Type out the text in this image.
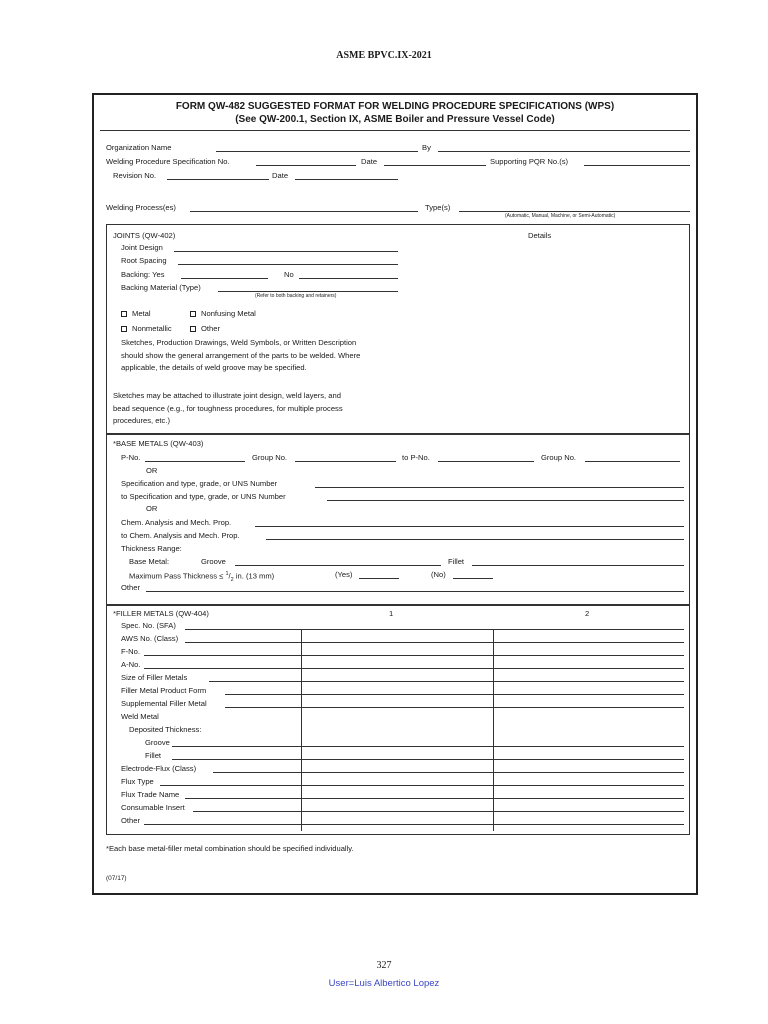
ASME BPVC.IX-2021
FORM QW-482 SUGGESTED FORMAT FOR WELDING PROCEDURE SPECIFICATIONS (WPS)
(See QW-200.1, Section IX, ASME Boiler and Pressure Vessel Code)
Organization Name	By
Welding Procedure Specification No.	Date	Supporting PQR No.(s)
Revision No.	Date
Welding Process(es)	Type(s)
(Automatic, Manual, Machine, or Semi-Automatic)
JOINTS (QW-402)	Details
Joint Design
Root Spacing
Backing: Yes	No
Backing Material (Type)
(Refer to both backing and retainers)
Metal	Nonfusing Metal
Nonmetallic	Other
Sketches, Production Drawings, Weld Symbols, or Written Description
should show the general arrangement of the parts to be welded. Where
applicable, the details of weld groove may be specified.
Sketches may be attached to illustrate joint design, weld layers, and
bead sequence (e.g., for toughness procedures, for multiple process
procedures, etc.)
*BASE METALS (QW-403)
P-No.	Group No.	to P-No.	Group No.
OR
Specification and type, grade, or UNS Number
to Specification and type, grade, or UNS Number
OR
Chem. Analysis and Mech. Prop.
to Chem. Analysis and Mech. Prop.
Thickness Range:
Base Metal:	Groove	Fillet
Maximum Pass Thickness ≤ $^1/_2$ in. (13 mm)	(Yes)	(No)
Other
*FILLER METALS (QW-404)	1	2
Spec. No. (SFA)
AWS No. (Class)
F-No.
A-No.
Size of Filler Metals
Filler Metal Product Form
Supplemental Filler Metal
Weld Metal
Deposited Thickness:
Groove
Fillet
Electrode-Flux (Class)
Flux Type
Flux Trade Name
Consumable Insert
Other
*Each base metal-filler metal combination should be specified individually.
(07/17)
327
User=Luis Albertico Lopez
